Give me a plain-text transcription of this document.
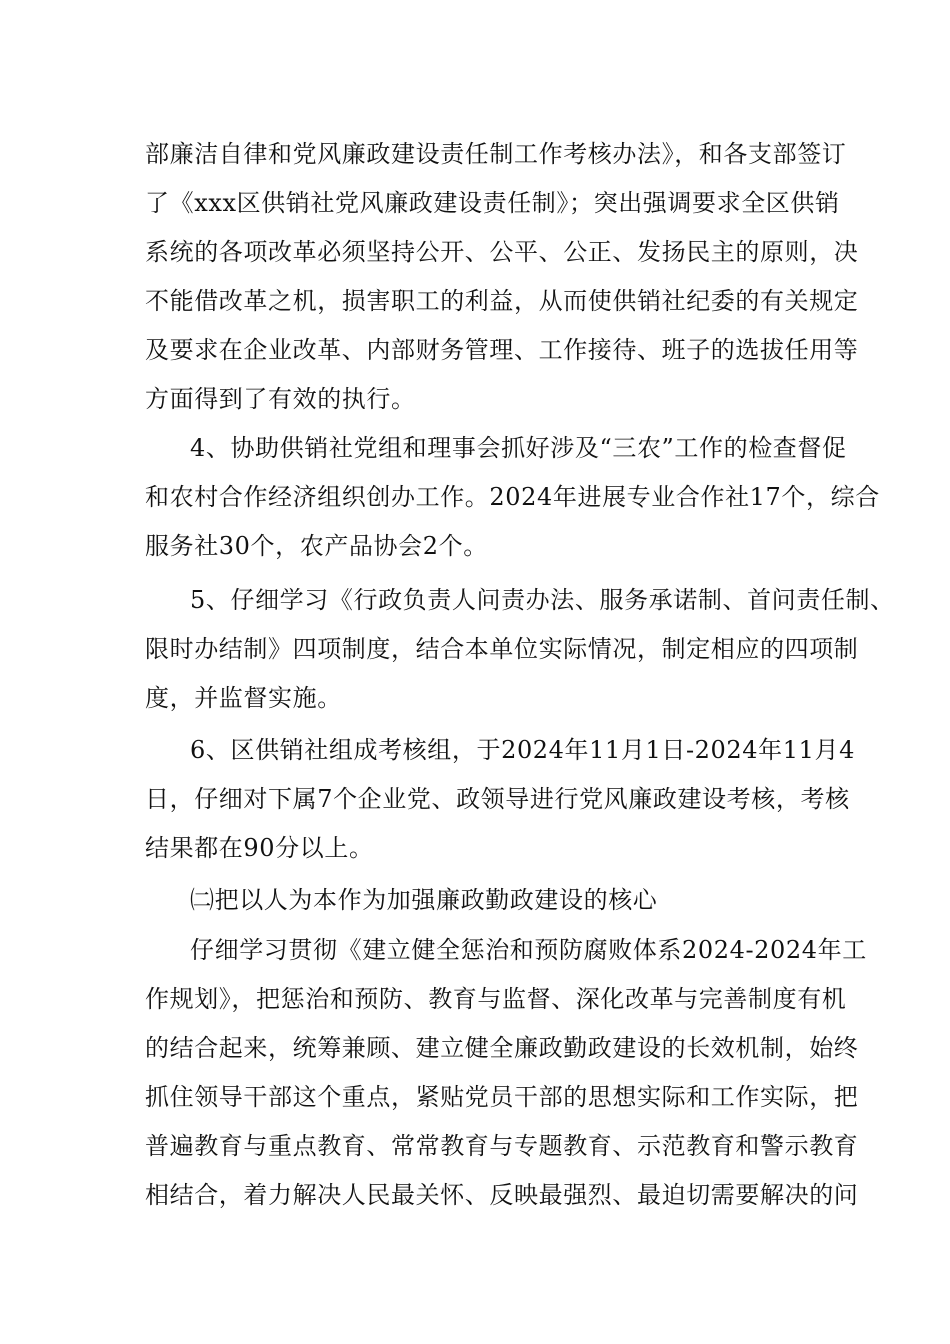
部廉洁自律和党风廉政建设责任制工作考核办法》，和各支部签订
了《xxx区供销社党风廉政建设责任制》；突出强调要求全区供销
系统的各项改革必须坚持公开、公平、公正、发扬民主的原则，决
不能借改革之机，损害职工的利益，从而使供销社纪委的有关规定
及要求在企业改革、内部财务管理、工作接待、班子的选拔任用等
方面得到了有效的执行。
4、协助供销社党组和理事会抓好涉及“三农”工作的检查督促
和农村合作经济组织创办工作。2024年进展专业合作社17个，综合
服务社30个，农产品协会2个。
5、仔细学习《行政负责人问责办法、服务承诺制、首问责任制、
限时办结制》四项制度，结合本单位实际情况，制定相应的四项制
度，并监督实施。
6、区供销社组成考核组，于2024年11月1日-2024年11月4
日，仔细对下属7个企业党、政领导进行党风廉政建设考核，考核
结果都在90分以上。
㈡把以人为本作为加强廉政勤政建设的核心
仔细学习贯彻《建立健全惩治和预防腐败体系2024-2024年工
作规划》，把惩治和预防、教育与监督、深化改革与完善制度有机
的结合起来，统筹兼顾、建立健全廉政勤政建设的长效机制，始终
抓住领导干部这个重点，紧贴党员干部的思想实际和工作实际，把
普遍教育与重点教育、常常教育与专题教育、示范教育和警示教育
相结合，着力解决人民最关怀、反映最强烈、最迫切需要解决的问
